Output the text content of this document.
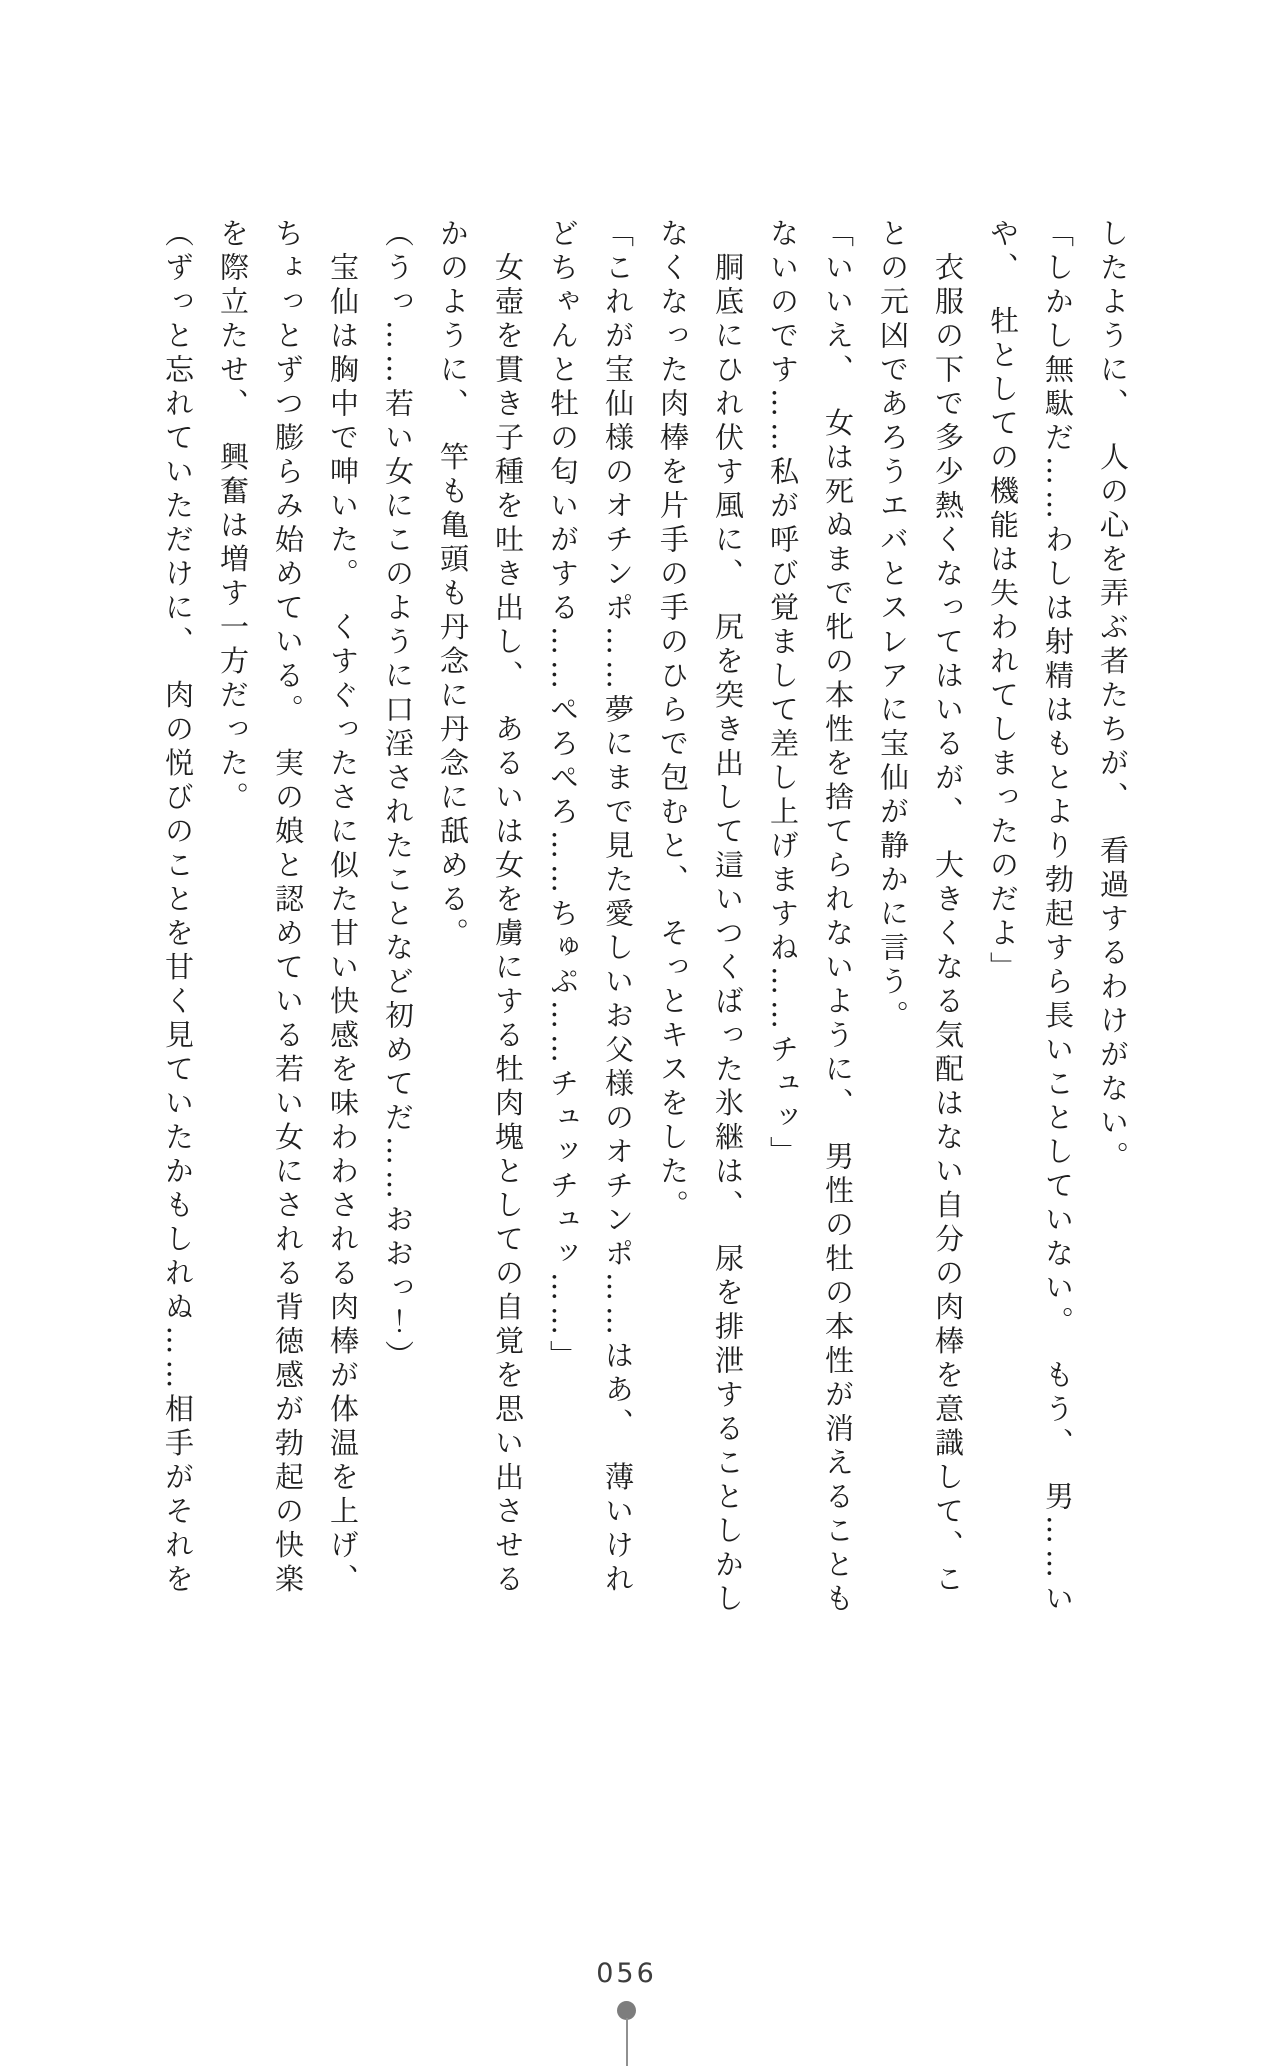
したように、　人の心を弄ぶ者たちが、　看過するわけがない。

「しかし無駄だ……わしは射精はもとより勃起すら長いことしていない。　もう、　男……い

や、　牡としての機能は失われてしまったのだよ」

　衣服の下で多少熱くなってはいるが、　大きくなる気配はない自分の肉棒を意識して、こ

との元凶であろうエバとスレアに宝仙が静かに言う。

「いいえ、　女は死ぬまで牝の本性を捨てられないように、　男性の牡の本性が消えることも

ないのです……私が呼び覚まして差し上げますね……チュッ」

　胴底にひれ伏す風に、　尻を突き出して這いつくばった氷継は、　尿を排泄することしかし

なくなった肉棒を片手の手のひらで包むと、　そっとキスをした。

「これが宝仙様のオチンポ……夢にまで見た愛しいお父様のオチンポ……はあ、　薄いけれ

どちゃんと牡の匂いがする……ぺろぺろ……ちゅぷ……チュッチュッ……」

　女壺を貫き子種を吐き出し、　あるいは女を虜にする牡肉塊としての自覚を思い出させる

かのように、　竿も亀頭も丹念に丹念に舐める。

（うっ……若い女にこのように口淫されたことなど初めてだ……おおっ！）

　宝仙は胸中で呻いた。　くすぐったさに似た甘い快感を味わわされる肉棒が体温を上げ、

ちょっとずつ膨らみ始めている。　実の娘と認めている若い女にされる背徳感が勃起の快楽

を際立たせ、　興奮は増す一方だった。

（ずっと忘れていただけに、　肉の悦びのことを甘く見ていたかもしれぬ……相手がそれを

056
